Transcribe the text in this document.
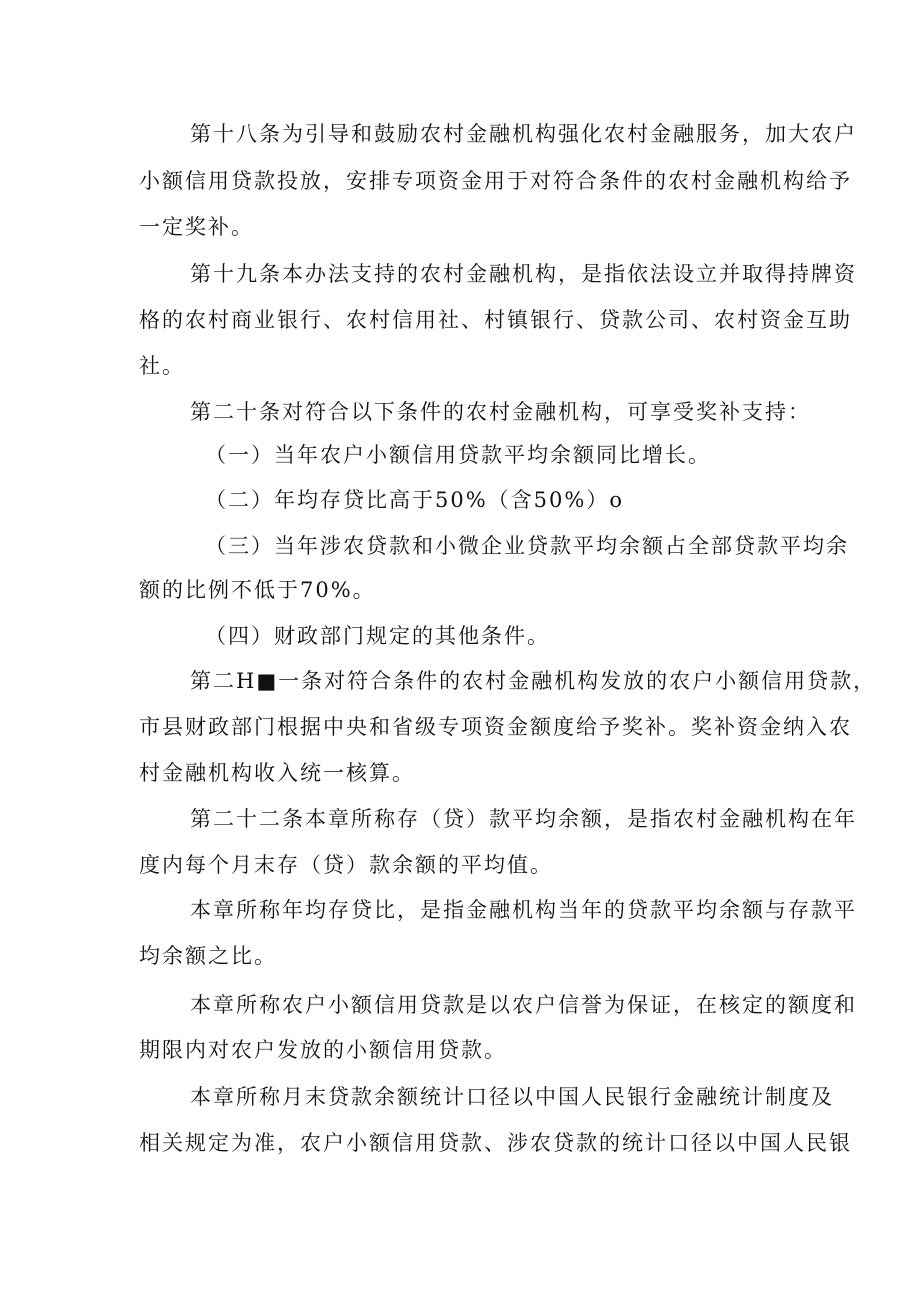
第十八条为引导和鼓励农村金融机构强化农村金融服务，加大农户

小额信用贷款投放，安排专项资金用于对符合条件的农村金融机构给予

一定奖补。

第十九条本办法支持的农村金融机构，是指依法设立并取得持牌资

格的农村商业银行、农村信用社、村镇银行、贷款公司、农村资金互助

社。

第二十条对符合以下条件的农村金融机构，可享受奖补支持：

（一）当年农户小额信用贷款平均余额同比增长。

（二）年均存贷比高于50%（含50%）o

（三）当年涉农贷款和小微企业贷款平均余额占全部贷款平均余

额的比例不低于70%。

（四）财政部门规定的其他条件。

第二H■一条对符合条件的农村金融机构发放的农户小额信用贷款，

市县财政部门根据中央和省级专项资金额度给予奖补。奖补资金纳入农

村金融机构收入统一核算。

第二十二条本章所称存（贷）款平均余额，是指农村金融机构在年

度内每个月末存（贷）款余额的平均值。

本章所称年均存贷比，是指金融机构当年的贷款平均余额与存款平

均余额之比。

本章所称农户小额信用贷款是以农户信誉为保证，在核定的额度和

期限内对农户发放的小额信用贷款。

本章所称月末贷款余额统计口径以中国人民银行金融统计制度及

相关规定为准，农户小额信用贷款、涉农贷款的统计口径以中国人民银
